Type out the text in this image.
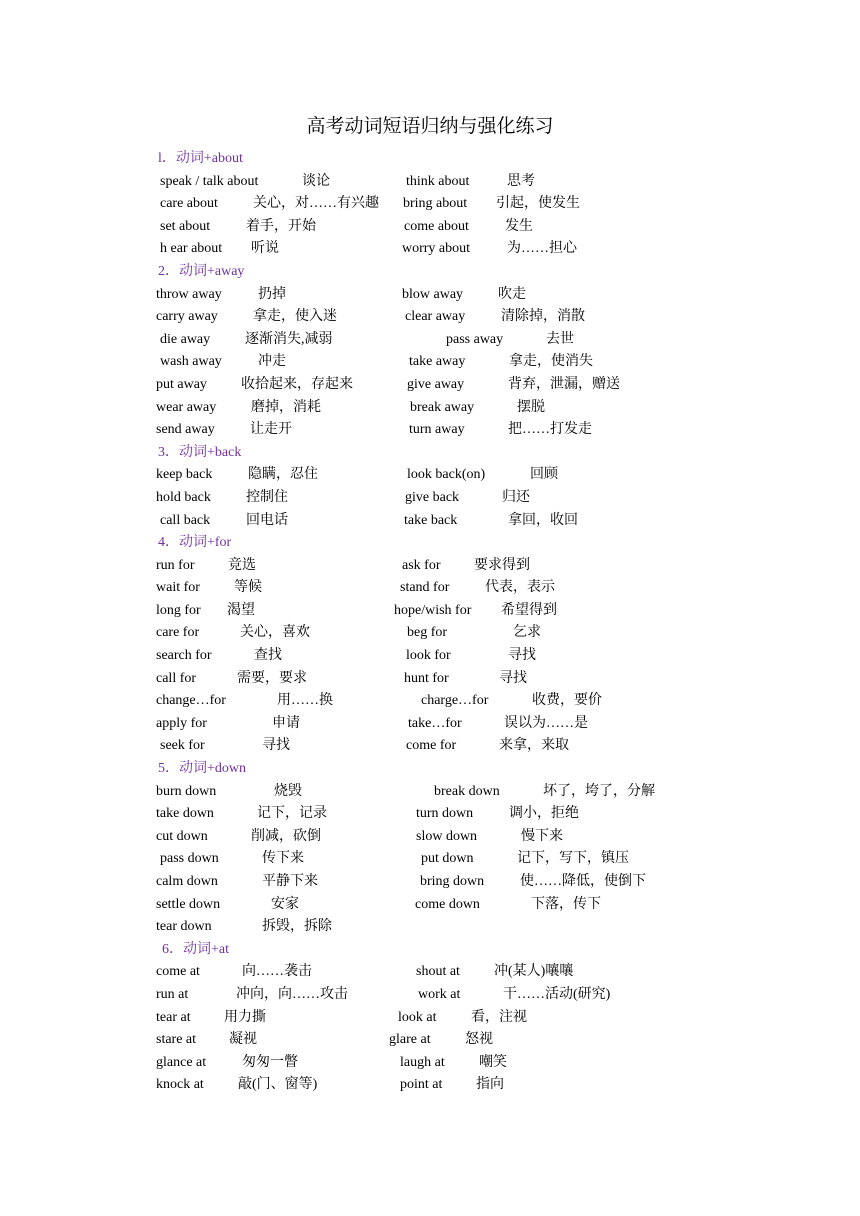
高考动词短语归纳与强化练习
l．动词+about
speak / talk about	谈论	think about	思考
care about	关心，对……有兴趣 bring about 引起，使发生
set about	着手，开始	come about	发生
h ear about 听说	worry about	为……担心
2．动词+away
throw away	扔掉	blow away 吹走
carry away	拿走，使入迷	clear away	清除掉，消散
die away 逐渐消失,减弱	pass away	去世
wash away	冲走	take away	拿走，使消失
put away 收拾起来，存起来	give away	背弃，泄漏，赠送
wear away 磨掉，消耗	break away	摆脱
send away	让走开	turn away	把……打发走
3．动词+back
keep back	隐瞒，忍住	look back(on)	回顾
hold back	控制住	give back	归还
call back	回电话	take back	拿回，收回
4．动词+for
run for 竞选	ask for 要求得到
wait for 等候	stand for	代表，表示
long for 渴望	hope/wish for 希望得到
care for	关心，喜欢	beg for	乞求
search for	查找	look for	寻找
call for	需要，要求	hunt for	寻找
change…for	用……换	charge…for	收费，要价
apply for	申请	take…for	误以为……是
seek for	寻找	come for	来拿，来取
5．动词+down
burn down	烧毁	break down	坏了，垮了，分解
take down	记下，记录	turn down	调小，拒绝
cut down	削减，砍倒	slow down	慢下来
pass down	传下来	put down	记下，写下，镇压
calm down	平静下来	bring down	使……降低，使倒下
settle down	安家	come down	下落，传下
tear down	拆毁，拆除
6．动词+at
come at	向……袭击	shout at 冲(某人)嚷嚷
run at	冲向，向……攻击	work at	干……活动(研究)
tear at 用力撕	look at 看，注视
stare at 凝视	glare at 怒视
glance at	匆匆一瞥	laugh at 嘲笑
knock at 敲(门、窗等)	point at 指向
